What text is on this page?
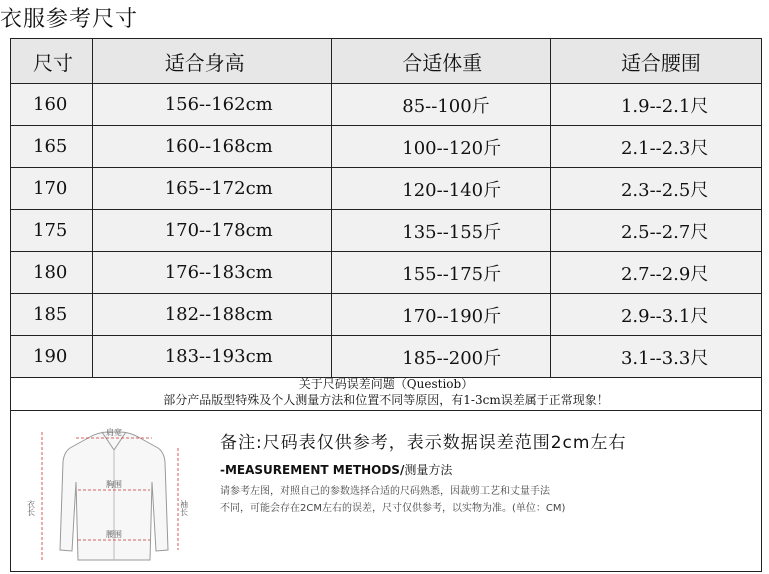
衣服参考尺寸
尺寸	适合身高	合适体重	适合腰围
160	156--162cm	85--100斤	1.9--2.1尺
165	160--168cm	100--120斤	2.1--2.3尺
170	165--172cm	120--140斤	2.3--2.5尺
175	170--178cm	135--155斤	2.5--2.7尺
180	176--183cm	155--175斤	2.7--2.9尺
185	182--188cm	170--190斤	2.9--3.1尺
190	183--193cm	185--200斤	3.1--3.3尺
关于尺码误差问题（Questiob）
部分产品版型特殊及个人测量方法和位置不同等原因，有1-3cm误差属于正常现象！
肩宽
胸围
腰围
衣长	袖长
备注:尺码表仅供参考，表示数据误差范围2cm左右
-MEASUREMENT METHODS/测量方法
请参考左图，对照自己的参数选择合适的尺码熟悉，因裁剪工艺和丈量手法
不同，可能会存在2CM左右的误差，尺寸仅供参考，以实物为准。(单位：CM)
